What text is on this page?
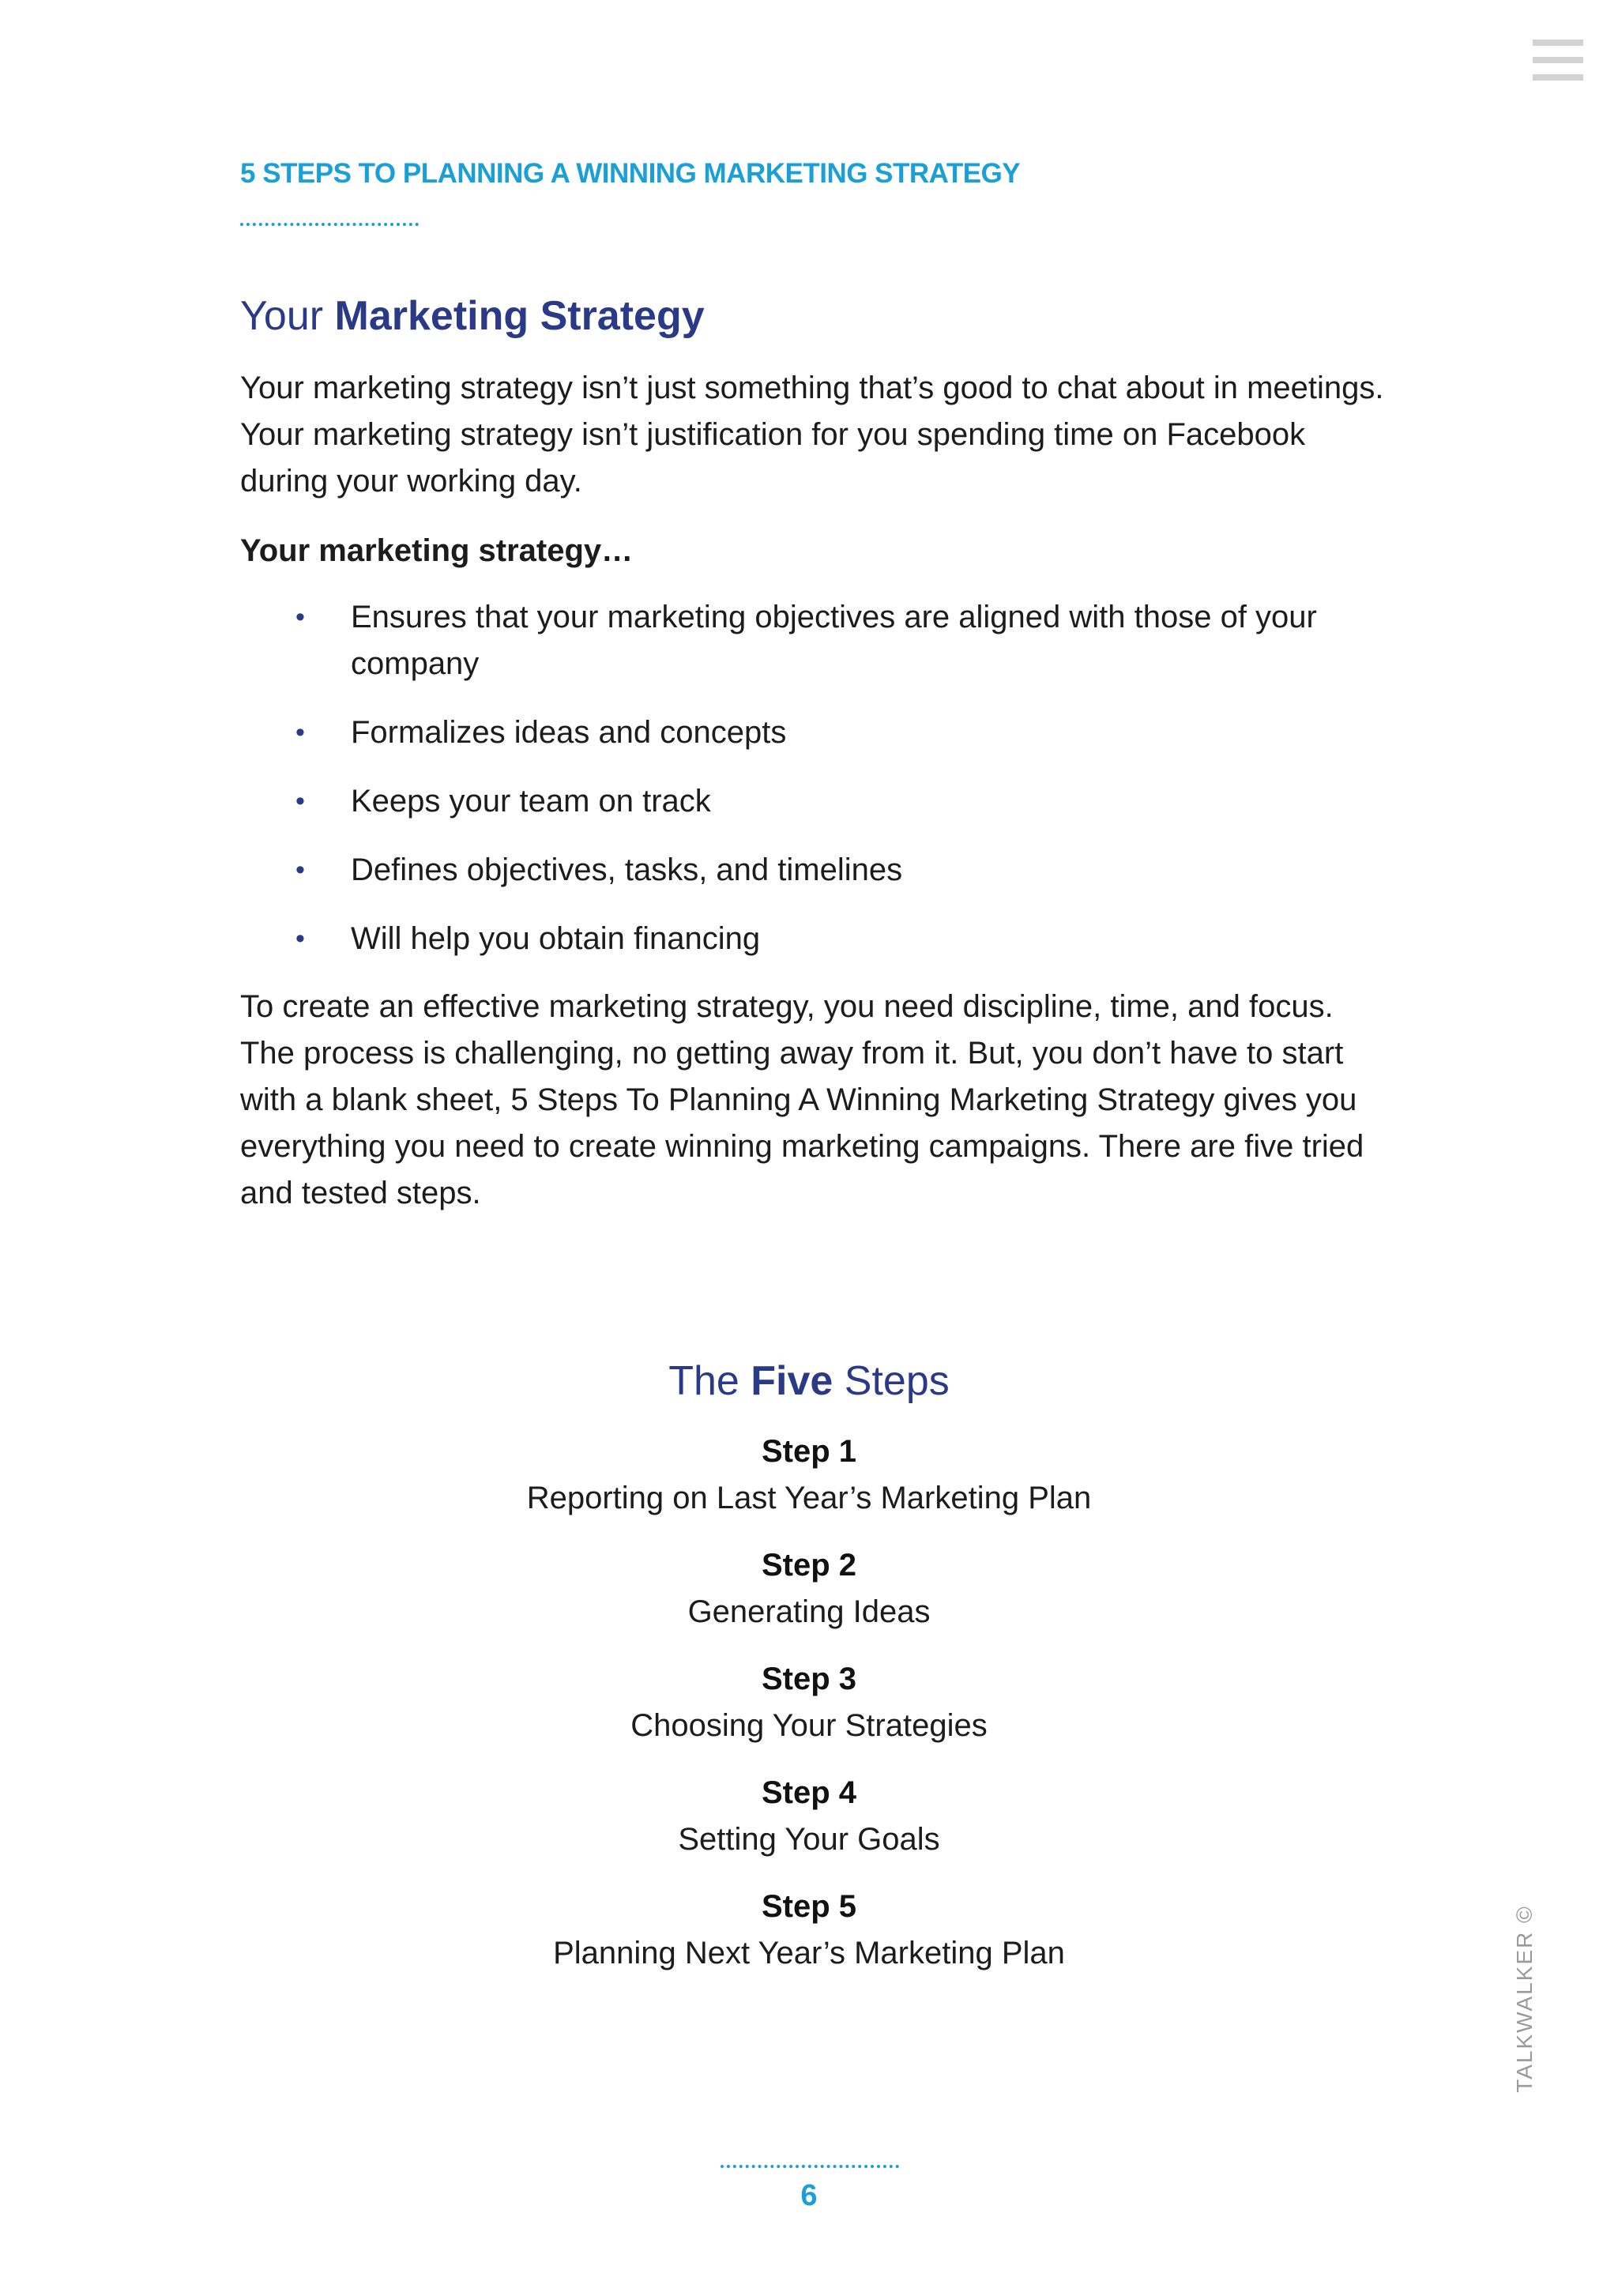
5 STEPS TO PLANNING A WINNING MARKETING STRATEGY
Your Marketing Strategy

Your marketing strategy isn’t just something that’s good to chat about in meetings. Your marketing strategy isn’t justification for you spending time on Facebook during your working day.

Your marketing strategy…

• Ensures that your marketing objectives are aligned with those of your company
• Formalizes ideas and concepts
• Keeps your team on track
• Defines objectives, tasks, and timelines
• Will help you obtain financing

To create an effective marketing strategy, you need discipline, time, and focus. The process is challenging, no getting away from it. But, you don’t have to start with a blank sheet, 5 Steps To Planning A Winning Marketing Strategy gives you everything you need to create winning marketing campaigns. There are five tried and tested steps.

The Five Steps
Step 1
Reporting on Last Year’s Marketing Plan
Step 2
Generating Ideas
Step 3
Choosing Your Strategies
Step 4
Setting Your Goals
Step 5
Planning Next Year’s Marketing Plan	TALKWALKER ©
6
